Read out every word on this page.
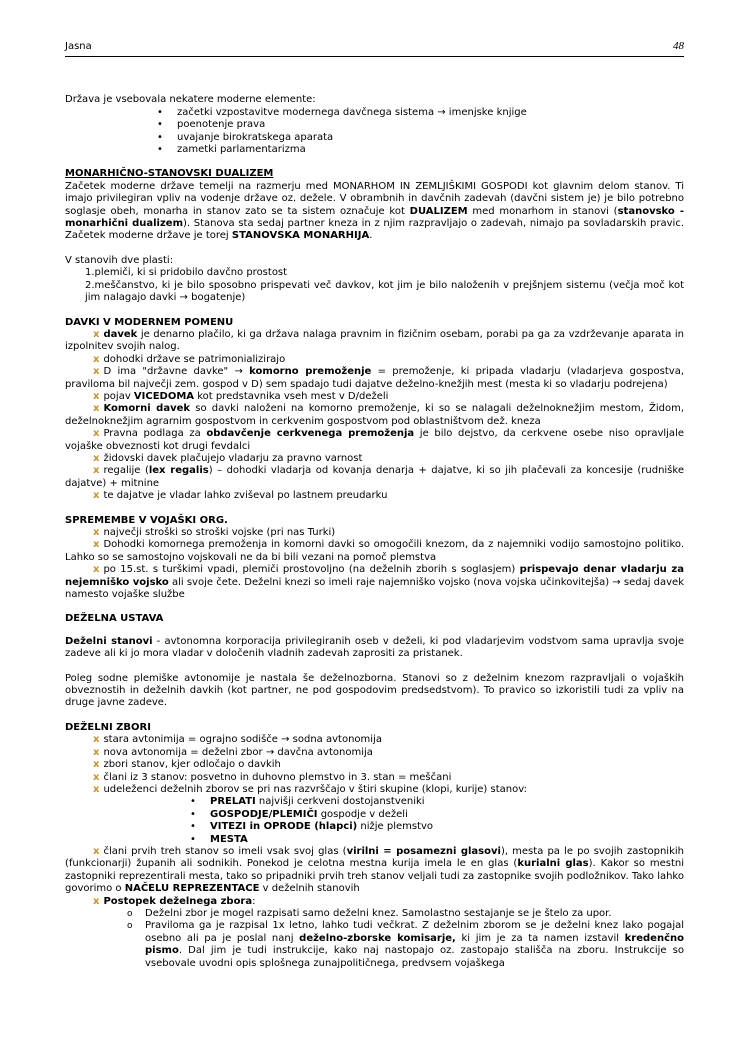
Jasna	48
Država je vsebovala nekatere moderne elemente:
• začetki vzpostavitve modernega davčnega sistema → imenjske knjige
• poenotenje prava
• uvajanje birokratskega aparata
• zametki parlamentarizma
MONARHIČNO-STANOVSKI DUALIZEM
Začetek moderne države temelji na razmerju med MONARHOM IN ZEMLJIŠKIMI GOSPODI kot glavnim delom stanov. Ti imajo privilegiran vpliv na vodenje države oz. dežele. V obrambnih in davčnih zadevah (davčni sistem je) je bilo potrebno soglasje obeh, monarha in stanov zato se ta sistem označuje kot DUALIZEM med monarhom in stanovi (stanovsko - monarhični dualizem). Stanova sta sedaj partner kneza in z njim razpravljajo o zadevah, nimajo pa sovladarskih pravic. Začetek moderne države je torej STANOVSKA MONARHIJA.
V stanovih dve plasti:
1.plemiči, ki si pridobilo davčno prostost
2.meščanstvo, ki je bilo sposobno prispevati več davkov, kot jim je bilo naloženih v prejšnjem sistemu (večja moč kot jim nalagajo davki → bogatenje)
DAVKI V MODERNEM POMENU
x davek je denarno plačilo, ki ga država nalaga pravnim in fizičnim osebam, porabi pa ga za vzdrževanje aparata in izpolnitev svojih nalog.
x dohodki države se patrimonializirajo
x D ima "državne davke" → komorno premoženje = premoženje, ki pripada vladarju (vladarjeva gospostva, praviloma bil največji zem. gospod v D) sem spadajo tudi dajatve deželno-knežjih mest (mesta ki so vladarju podrejena)
x pojav VICEDOMA kot predstavnika vseh mest v D/deželi
x Komorni davek so davki naloženi na komorno premoženje, ki so se nalagali deželnoknežjim mestom, Židom, deželnoknežjim agrarnim gospostvom in cerkvenim gospostvom pod oblastništvom dež. kneza
x Pravna podlaga za obdavčenje cerkvenega premoženja je bilo dejstvo, da cerkvene osebe niso opravljale vojaške obveznosti kot drugi fevdalci
x židovski davek plačujejo vladarju za pravno varnost
x regalije (lex regalis) – dohodki vladarja od kovanja denarja + dajatve, ki so jih plačevali za koncesije (rudniške dajatve) + mitnine
x te dajatve je vladar lahko zviševal po lastnem preudarku
SPREMEMBE V VOJAŠKI ORG.
x največji stroški so stroški vojske (pri nas Turki)
x Dohodki komornega premoženja in komorni davki so omogočili knezom, da z najemniki vodijo samostojno politiko. Lahko so se samostojno vojskovali ne da bi bili vezani na pomoč plemstva
x po 15.st. s turškimi vpadi, plemiči prostovoljno (na deželnih zborih s soglasjem) prispevajo denar vladarju za nejemniško vojsko ali svoje čete. Deželni knezi so imeli raje najemniško vojsko (nova vojska učinkovitejša) → sedaj davek namesto vojaške službe
DEŽELNA USTAVA
Deželni stanovi - avtonomna korporacija privilegiranih oseb v deželi, ki pod vladarjevim vodstvom sama upravlja svoje zadeve ali ki jo mora vladar v določenih vladnih zadevah zaprositi za pristanek.
Poleg sodne plemiške avtonomije je nastala še deželnozborna. Stanovi so z deželnim knezom razpravljali o vojaških obveznostih in deželnih davkih (kot partner, ne pod gospodovim predsedstvom). To pravico so izkoristili tudi za vpliv na druge javne zadeve.
DEŽELNI ZBORI
x stara avtonimija = ograjno sodišče → sodna avtonomija
x nova avtonomija = deželni zbor → davčna avtonomija
x zbori stanov, kjer odločajo o davkih
x člani iz 3 stanov: posvetno in duhovno plemstvo in 3. stan = meščani
x udeleženci deželnih zborov se pri nas razvrščajo v štiri skupine (klopi, kurije) stanov:
• PRELATI najvišji cerkveni dostojanstveniki
• GOSPODJE/PLEMIČI gospodje v deželi
• VITEZI in OPRODE (hlapci) nižje plemstvo
• MESTA
x člani prvih treh stanov so imeli vsak svoj glas (virilni = posamezni glasovi), mesta pa le po svojih zastopnikih (funkcionarji) županih ali sodnikih. Ponekod je celotna mestna kurija imela le en glas (kurialni glas). Kakor so mestni zastopniki reprezentirali mesta, tako so pripadniki prvih treh stanov veljali tudi za zastopnike svojih podložnikov. Tako lahko govorimo o NAČELU REPREZENTACE v deželnih stanovih
x Postopek deželnega zbora:
o Deželni zbor je mogel razpisati samo deželni knez. Samolastno sestajanje se je štelo za upor.
o Praviloma ga je razpisal 1x letno, lahko tudi večkrat. Z deželnim zborom se je deželni knez lako pogajal osebno ali pa je poslal nanj deželno-zborske komisarje, ki jim je za ta namen izstavil kredenčno pismo. Dal jim je tudi instrukcije, kako naj nastopajo oz. zastopajo stališča na zboru. Instrukcije so vsebovale uvodni opis splošnega zunajpolitičnega, predvsem vojaškega
